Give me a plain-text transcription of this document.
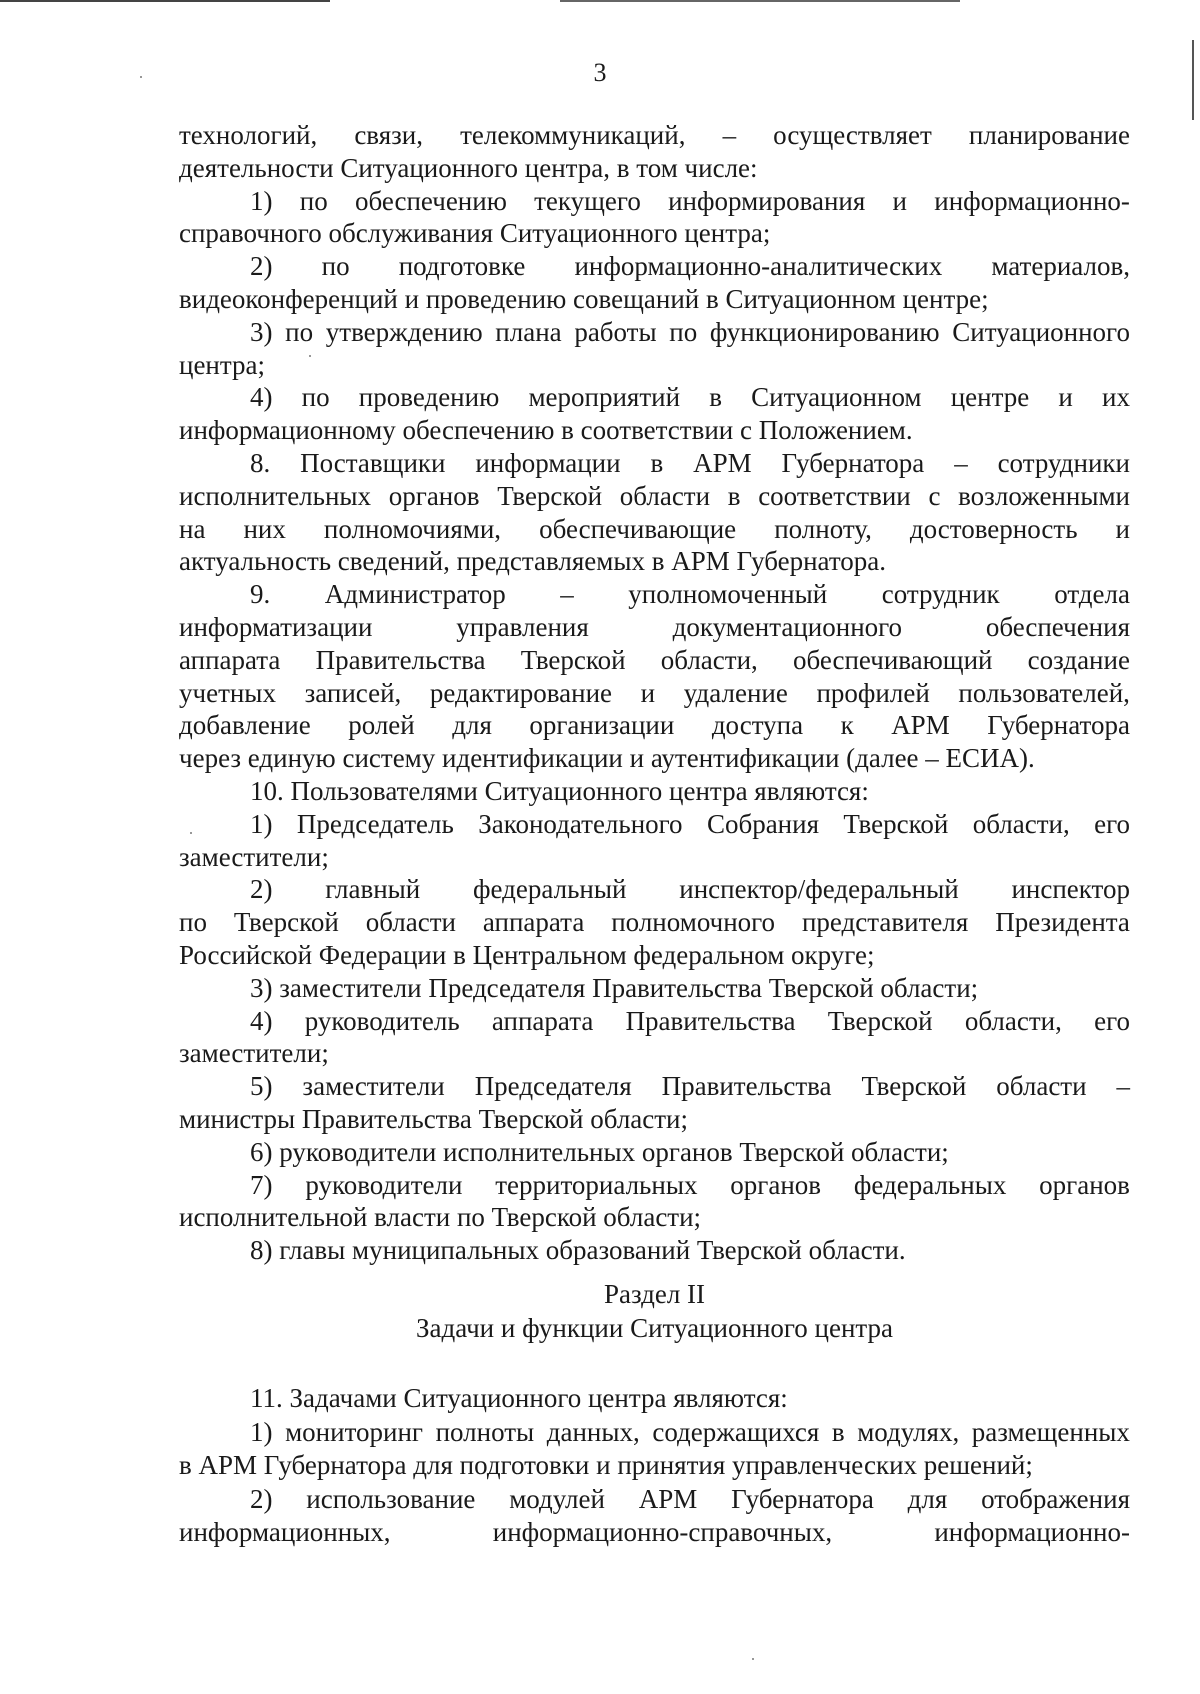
3
технологий, связи, телекоммуникаций, – осуществляет планирование
деятельности Ситуационного центра, в том числе:
1) по обеспечению текущего информирования и информационно-
справочного обслуживания Ситуационного центра;
2) по подготовке информационно-аналитических материалов,
видеоконференций и проведению совещаний в Ситуационном центре;
3) по утверждению плана работы по функционированию Ситуационного
центра;
4) по проведению мероприятий в Ситуационном центре и их
информационному обеспечению в соответствии с Положением.
8. Поставщики информации в АРМ Губернатора – сотрудники
исполнительных органов Тверской области в соответствии с возложенными
на них полномочиями, обеспечивающие полноту, достоверность и
актуальность сведений, представляемых в АРМ Губернатора.
9. Администратор – уполномоченный сотрудник отдела
информатизации	управления	документационного	обеспечения
аппарата Правительства Тверской области, обеспечивающий создание
учетных записей, редактирование и удаление профилей пользователей,
добавление ролей для организации доступа к АРМ Губернатора
через единую систему идентификации и аутентификации (далее – ЕСИА).
10. Пользователями Ситуационного центра являются:
1) Председатель Законодательного Собрания Тверской области, его
заместители;
2) главный федеральный инспектор/федеральный инспектор
по Тверской области аппарата полномочного представителя Президента
Российской Федерации в Центральном федеральном округе;
3) заместители Председателя Правительства Тверской области;
4) руководитель аппарата Правительства Тверской области, его
заместители;
5) заместители Председателя Правительства Тверской области –
министры Правительства Тверской области;
6) руководители исполнительных органов Тверской области;
7) руководители территориальных органов федеральных органов
исполнительной власти по Тверской области;
8) главы муниципальных образований Тверской области.
Раздел II
Задачи и функции Ситуационного центра
11. Задачами Ситуационного центра являются:
1) мониторинг полноты данных, содержащихся в модулях, размещенных
в АРМ Губернатора для подготовки и принятия управленческих решений;
2) использование модулей АРМ Губернатора для отображения
информационных,	информационно-справочных,	информационно-
